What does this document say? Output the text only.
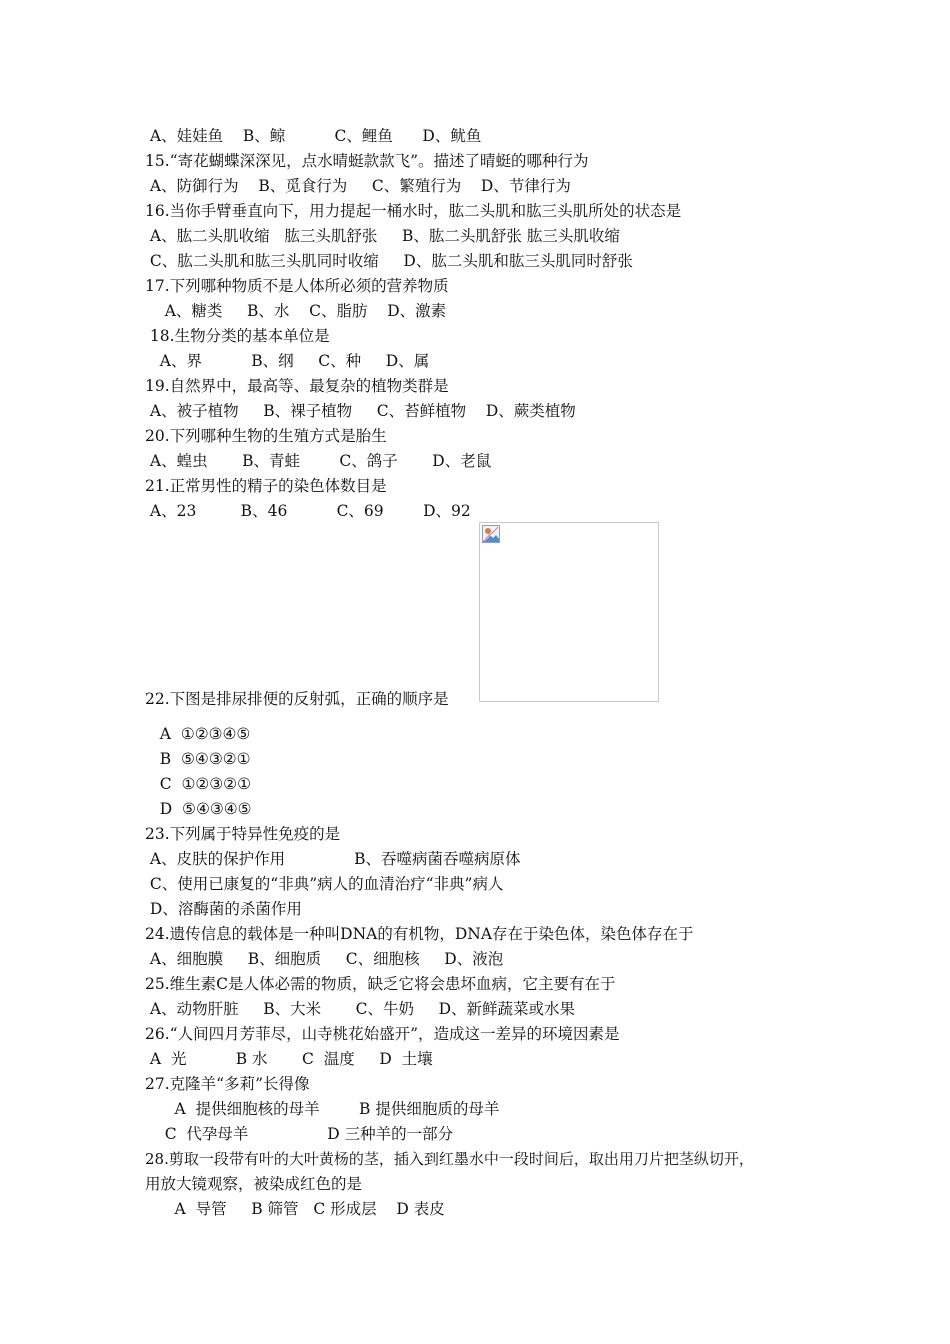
A、娃娃鱼    B、鲸          C、鲤鱼      D、鱿鱼
15.“寄花蝴蝶深深见，点水晴蜓款款飞”。描述了晴蜓的哪种行为
A、防御行为    B、觅食行为     C、繁殖行为    D、节律行为
16.当你手臂垂直向下，用力提起一桶水时，肱二头肌和肱三头肌所处的状态是
A、肱二头肌收缩   肱三头肌舒张     B、肱二头肌舒张 肱三头肌收缩
C、肱二头肌和肱三头肌同时收缩     D、肱二头肌和肱三头肌同时舒张
17.下列哪种物质不是人体所必须的营养物质
A、糖类     B、水    C、脂肪    D、激素
18.生物分类的基本单位是
A、界          B、纲     C、种     D、属
19.自然界中，最高等、最复杂的植物类群是
A、被子植物     B、裸子植物     C、苔鲜植物    D、蕨类植物
20.下列哪种生物的生殖方式是胎生
A、蝗虫       B、青蛙        C、鸽子       D、老鼠
21.正常男性的精子的染色体数目是
A、23         B、46          C、69        D、92
22.下图是排尿排便的反射弧，正确的顺序是
A  ①②③④⑤
B  ⑤④③②①
C  ①②③②①
D  ⑤④③④⑤
23.下列属于特异性免疫的是
A、皮肤的保护作用              B、吞噬病菌吞噬病原体
C、使用已康复的“非典”病人的血清治疗“非典”病人
D、溶酶菌的杀菌作用
24.遗传信息的载体是一种叫DNA的有机物，DNA存在于染色体，染色体存在于
A、细胞膜     B、细胞质     C、细胞核     D、液泡
25.维生素C是人体必需的物质，缺乏它将会患坏血病，它主要有在于
A、动物肝脏     B、大米       C、牛奶     D、新鲜蔬菜或水果
26.“人间四月芳菲尽，山寺桃花始盛开”，造成这一差异的环境因素是
A  光          B 水       C  温度     D  土壤
27.克隆羊“多莉”长得像
A  提供细胞核的母羊        B 提供细胞质的母羊
C  代孕母羊                D 三种羊的一部分
28.剪取一段带有叶的大叶黄杨的茎，插入到红墨水中一段时间后，取出用刀片把茎纵切开，
用放大镜观察，被染成红色的是
A  导管     B 筛管   C 形成层    D 表皮
